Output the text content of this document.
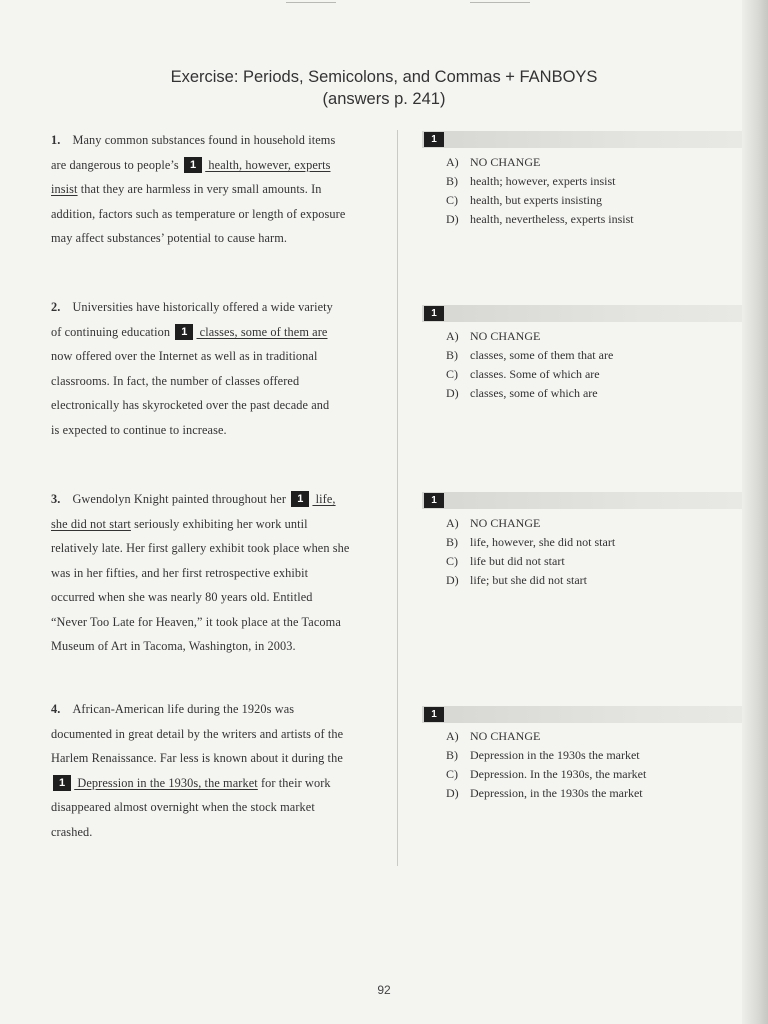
Exercise: Periods, Semicolons, and Commas + FANBOYS
(answers p. 241)
1. Many common substances found in household items
are dangerous to people’s 1 health, however, experts
insist that they are harmless in very small amounts. In
addition, factors such as temperature or length of exposure
may affect substances’ potential to cause harm.
1
A) NO CHANGE
B) health; however, experts insist
C) health, but experts insisting
D) health, nevertheless, experts insist
2. Universities have historically offered a wide variety
of continuing education 1 classes, some of them are
now offered over the Internet as well as in traditional
classrooms. In fact, the number of classes offered
electronically has skyrocketed over the past decade and
is expected to continue to increase.
1
A) NO CHANGE
B) classes, some of them that are
C) classes. Some of which are
D) classes, some of which are
3. Gwendolyn Knight painted throughout her 1 life,
she did not start seriously exhibiting her work until
relatively late. Her first gallery exhibit took place when she
was in her fifties, and her first retrospective exhibit
occurred when she was nearly 80 years old. Entitled
“Never Too Late for Heaven,” it took place at the Tacoma
Museum of Art in Tacoma, Washington, in 2003.
1
A) NO CHANGE
B) life, however, she did not start
C) life but did not start
D) life; but she did not start
4. African-American life during the 1920s was
documented in great detail by the writers and artists of the
Harlem Renaissance. Far less is known about it during the
1 Depression in the 1930s, the market for their work
disappeared almost overnight when the stock market
crashed.
1
A) NO CHANGE
B) Depression in the 1930s the market
C) Depression. In the 1930s, the market
D) Depression, in the 1930s the market
92
